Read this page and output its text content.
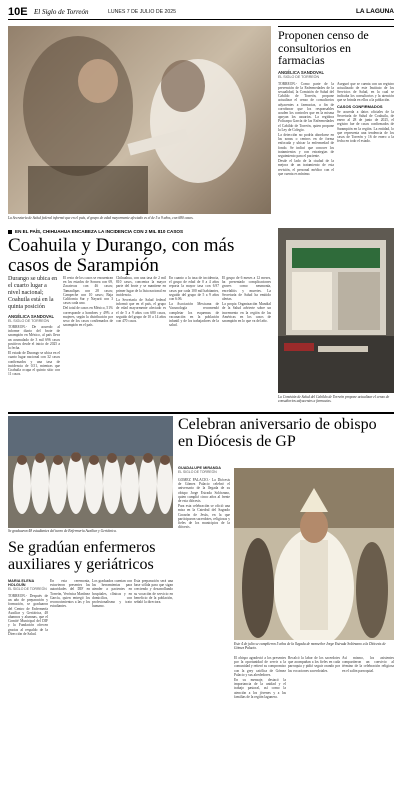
10E El Siglo de Torreón	LUNES 7 DE JULIO DE 2025	LA LAGUNA
La Secretaría de Salud federal informó que en el país, el grupo de edad mayormente afectado es el de 5 a 9 años, con 680 casos.
Proponen censo de consultorios en farmacias
ANGÉLICA SANDOVAL
EL SIGLO DE TORREÓN

TORREÓN.- Como parte de la prevención de la Enfermedades de la sexualidad, la Comisión de Salud del Cabildo de Torreón, propone actualizar el censo de consultorios adyacentes a farmacias, a fin de corroborar que los responsables acuden los controles que en la misma apoyan los usuarios. La regidora Policarpa García de las Enfermedades el Cabildo de Torreón, quien propone la Ley de Colegio.

La detección no podría abordarse en las zonas o centros en de forma enfocada y ubicar la enfermedad de fondo. Se indicó que conocer los tratamientos y con estrategias de seguimiento para el paciente.

Desde el lado de la ciudad de la mejora de un tratamiento de esta revisión, el personal médico con el que cuenta es mínimo.

Aseguró que se cuenta con un registro actualizado de este Instituto de los Servicios de Salud, en la cual se indicaba los consultorios y la atención que se brinda en ellos a la población.

CASOS CONFIRMADOS

Se acuerda a datos oficiales de la Secretaría de Salud de Coahuila, de enero al 28 de junio de 2025, el registro fue de casos confirmados de Sarampión en la región. La entidad, lo que representa una tendencia de los casos de Torreón y 16 de enero a la fecha en todo el estado.

La Comisión de Salud del Cabildo de Torreón propone actualizar el censo de consultorios adyacentes a farmacias.
EN EL PAÍS, CHIHUAHUA ENCABEZA LA INCIDENCIA CON 2 MIL 810 CASOS
Coahuila y Durango, con más casos de Sarampión

Durango se ubica en el cuarto lugar a nivel nacional; Coahuila está en la quinta posición

ANGÉLICA SANDOVAL
EL SIGLO DE TORREÓN

TORREÓN.- De acuerdo al informe diario del brote de sarampión en México, al país lleva un acumulado de 3 mil 696 casos positivos desde el inicio de 2025 a la fecha.

El estado de Durango se ubica en el cuarto lugar nacional con 32 casos confirmados y una tasa de incidencia de 0.51, mientras que Coahuila ocupa el quinto sitio con 11 casos.

El resto de los casos se encuentran en los estados de Sonora con 69, Zacatecas con 46 casos; Tamaulipas con 28 casos; Campeche con 10 casos; Baja California Sur y Nayarit con 3 casos cada uno.

Del total de casos en México, 51% corresponde a hombres y 49% a mujeres, según la distribución por sexo de los casos confirmados de sarampión en el país.

Chihuahua, con una tasa de 2 mil 810 casos, concentra la mayor parte del brote y se mantiene en primer lugar de la lista nacional en incidencia.

La Secretaría de Salud federal informó que en el país, el grupo de edad mayormente afectado es el de 5 a 9 años con 680 casos, seguido del grupo de 10 a 14 años con 470 casos.

En cuanto a la tasa de incidencia, el grupo de edad de 0 a 4 años reporta la mayor tasa con 6.97 casos por cada 100 mil habitantes, seguido del grupo de 5 a 9 años con 6.06.

La Asociación Mexicana de Vacunología recomendó completar los esquemas de vacunación en la población infantil y de los trabajadores de la salud.

El grupo de 6 meses a 12 meses, ha presentado complicaciones graves como neumonía, encefalitis y muertes. La Secretaría de Salud ha emitido alertas.

La propia Organización Mundial de la Salud advierte sobre un incremento en la región de las Américas en los casos de sarampión en lo que va del año.

Se graduaron 48 estudiantes del turno de Enfermería Auxiliar y Geriátrica.
Se gradúan enfermeros auxiliares y geriátricos
MARIA ELENA HOLGUÍN
EL SIGLO DE TORREÓN

TORREÓN.- Después de un año de preparación y formación, se graduaron del Centro de Enfermería Auxiliar y Geriátrica, 48 alumnos y alumnas, que el Comité Municipal del DIF y la Fundación ofrecen gracias al respaldo de la Dirección de Salud.

En esta ceremonia, estuvieron presentes las autoridades del DIF en Torreón, Verónica Martínez García, quien entregó los reconocimientos a las y los estudiantes.

Los graduados cuentan con las herramientas para atender a pacientes en hospitales, clínicas y en domicilios, con profesionalismo y trato humano.

Esta preparación será una base sólida para que sigan creciendo y desarrollando su vocación de servicio en beneficio de la población, señaló la directora.

Celebran aniversario de obispo en Diócesis de GP
GUADALUPE MIRANDA
EL SIGLO DE TORREÓN

GÓMEZ PALACIO.- La Diócesis de Gómez Palacio celebró el aniversario de la llegada de su obispo Jorge Estrada Solórzano, quien cumplió cinco años al frente de esta diócesis.

Para esta celebración se ofició una misa en la Catedral del Sagrado Corazón de Jesús, en la que participaron sacerdotes, religiosas y fieles de los municipios de la diócesis.

Este 4 de julio se cumplieron 5 años de la llegada de monseñor Jorge Estrada Solórzano a la Diócesis de Gómez Palacio.

El obispo agradeció a los presentes por la oportunidad de servir a la comunidad y reiteró su compromiso con la grey católica de Gómez Palacio y sus alrededores.

En su mensaje, destacó la importancia de la unidad y el trabajo pastoral, así como la atención a los jóvenes y a las familias de la región lagunera.

Recalcó la labor de los sacerdotes que acompañan a los fieles en cada parroquia y pidió seguir orando por las vocaciones sacerdotales.

Así mismo, los asistentes compartieron un convivio al término de la celebración religiosa en el salón parroquial.
